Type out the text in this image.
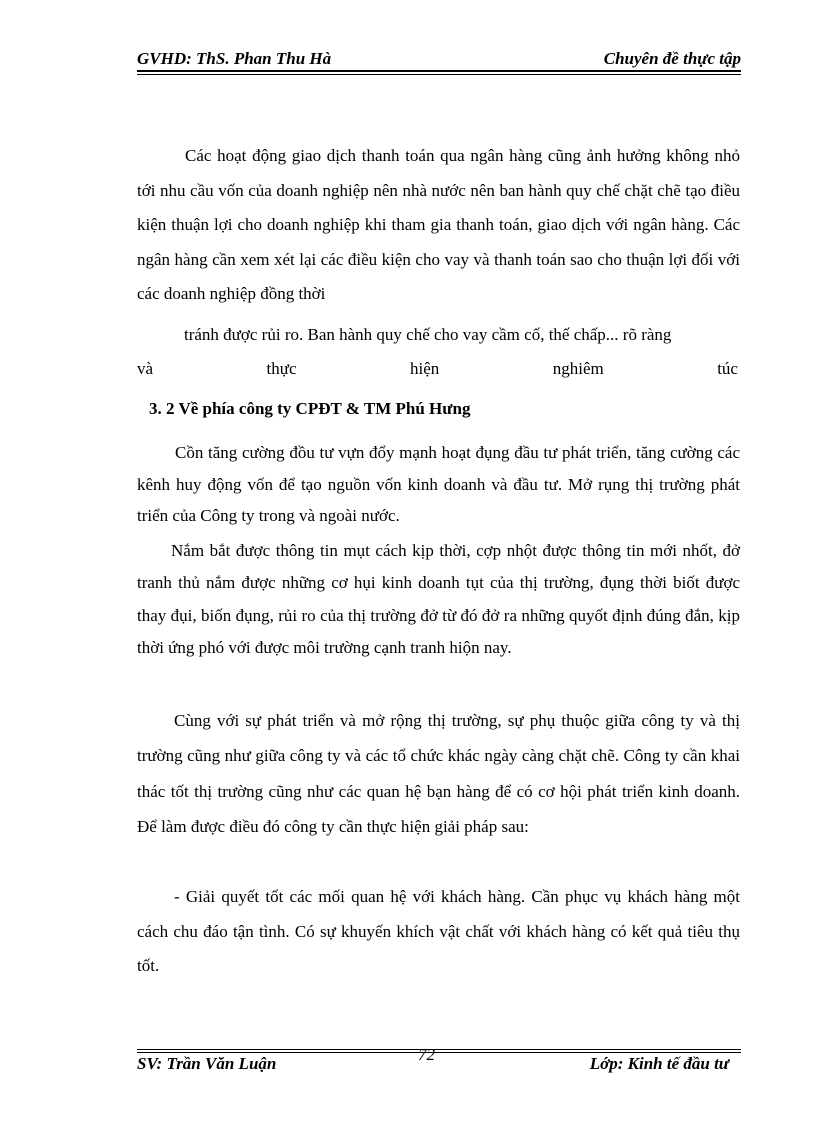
GVHD: ThS. Phan Thu Hà	Chuyên đề thực tập

Các hoạt động giao dịch thanh toán qua ngân hàng cũng ảnh hưởng không nhỏ tới nhu cầu vốn của doanh nghiệp nên nhà nước nên ban hành quy chế chặt chẽ tạo điều kiện thuận lợi cho doanh nghiệp khi tham gia thanh toán, giao dịch với ngân hàng. Các ngân hàng cần xem xét lại các điều kiện cho vay và thanh toán sao cho thuận lợi đối với các doanh nghiệp đồng thời

tránh được rủi ro. Ban hành quy chế cho vay cầm cố, thế chấp... rõ ràng
và	thực	hiện	nghiêm	túc
3. 2 Về phía công ty CPĐT & TM Phú Hưng

Cồn tăng cường đồu tư vựn đổy mạnh hoạt đụng đầu tư phát triển, tăng cường các kênh huy động vốn để tạo nguồn vốn kinh doanh và đầu tư. Mở rụng thị trường phát triển của Công ty trong và ngoài nước.

Nắm bắt được thông tin mụt cách kịp thời, cợp nhột được thông tin mới nhốt, đở tranh thủ nắm được những cơ hụi kinh doanh tụt của thị trường, đụng thời biốt được thay đụi, biốn đụng, rủi ro của thị trường đở từ đó đở ra những quyốt định đúng đắn, kịp thời ứng phó với được môi trường cạnh tranh hiộn nay.

Cùng với sự phát triển và mở rộng thị trường, sự phụ thuộc giữa công ty và thị trường cũng như giữa công ty và các tổ chức khác ngày càng chặt chẽ. Công ty cần khai thác tốt thị trường cũng như các quan hệ bạn hàng để có cơ hội phát triển kinh doanh. Để làm được điều đó công ty cần thực hiện giải pháp sau:

- Giải quyết tốt các mối quan hệ với khách hàng. Cần phục vụ khách hàng một cách chu đáo tận tình. Có sự khuyến khích vật chất với khách hàng có kết quả tiêu thụ tốt.

72
SV: Trần Văn Luận	Lớp: Kinh tế đầu tư
